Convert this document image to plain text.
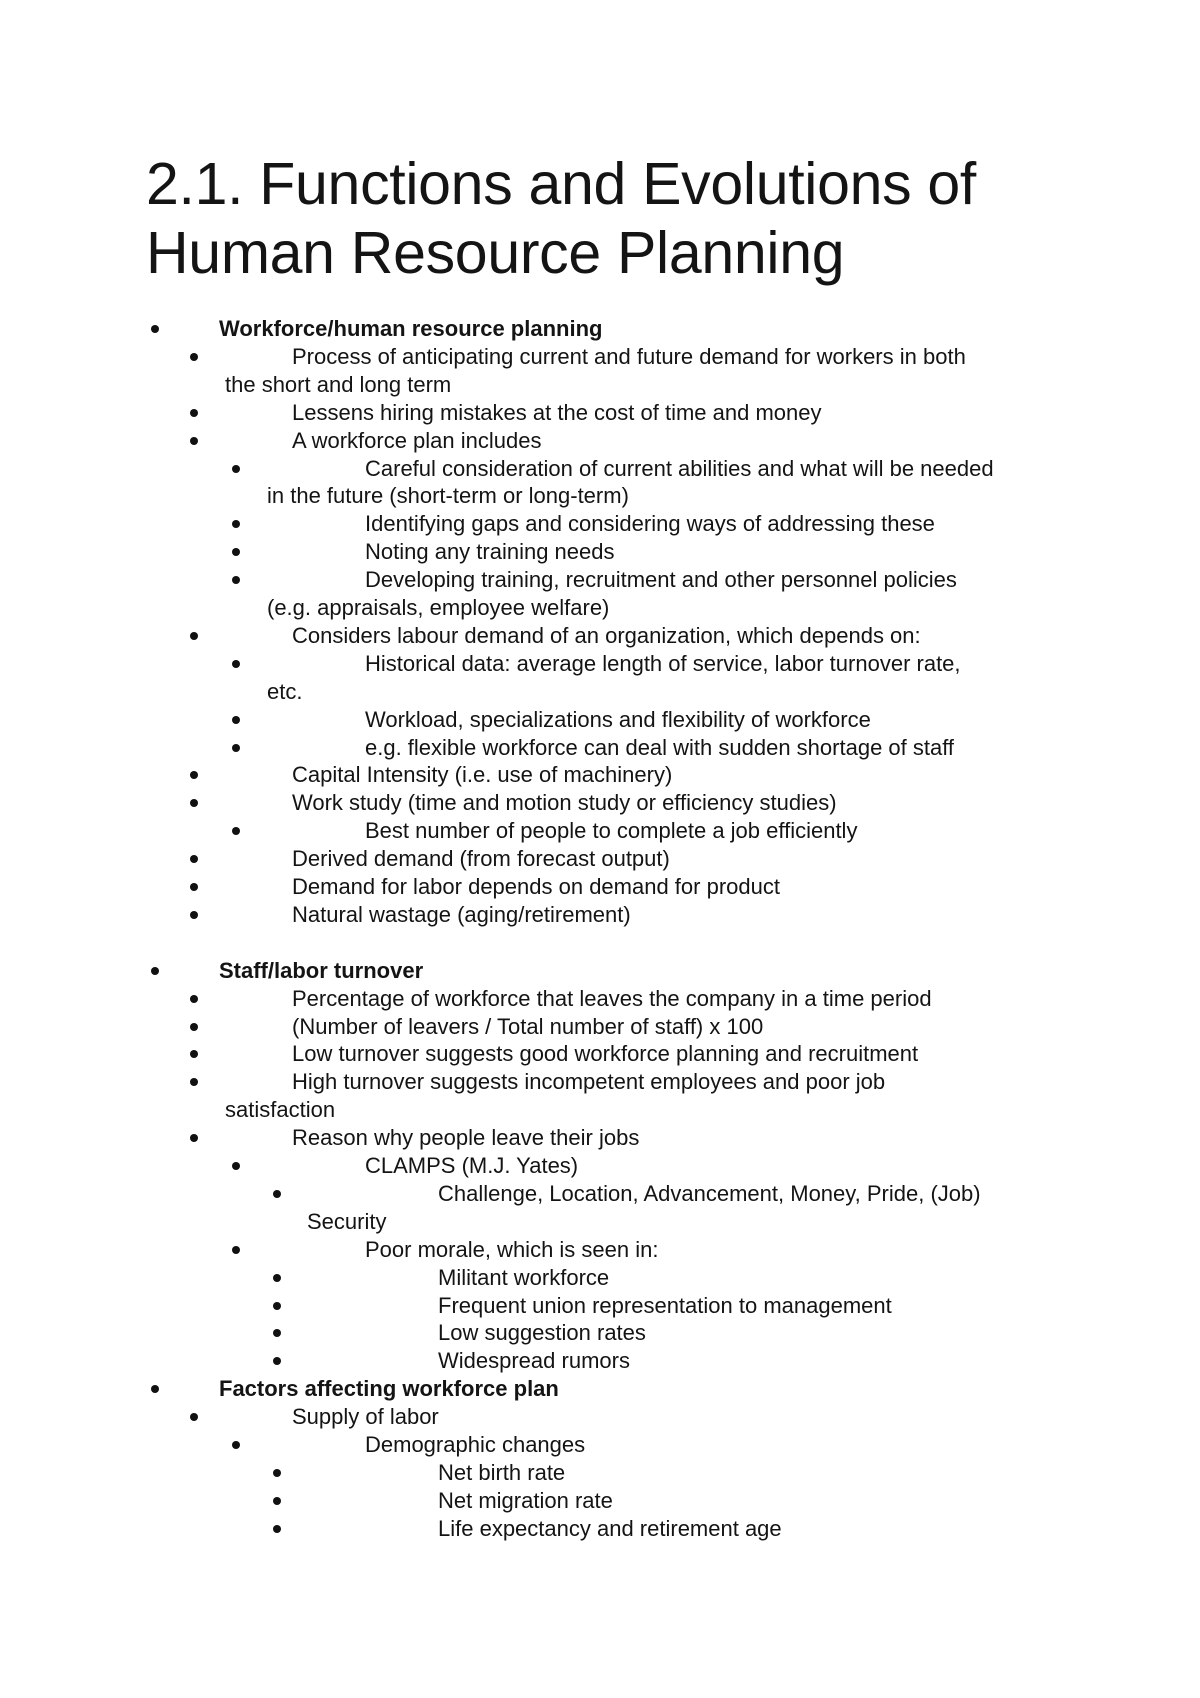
2.1. Functions and Evolutions of
Human Resource Planning
Workforce/human resource planning
Process of anticipating current and future demand for workers in both
the short and long term
Lessens hiring mistakes at the cost of time and money
A workforce plan includes
Careful consideration of current abilities and what will be needed
in the future (short-term or long-term)
Identifying gaps and considering ways of addressing these
Noting any training needs
Developing training, recruitment and other personnel policies
(e.g. appraisals, employee welfare)
Considers labour demand of an organization, which depends on:
Historical data: average length of service, labor turnover rate,
etc.
Workload, specializations and flexibility of workforce
e.g. flexible workforce can deal with sudden shortage of staff
Capital Intensity (i.e. use of machinery)
Work study (time and motion study or efficiency studies)
Best number of people to complete a job efficiently
Derived demand (from forecast output)
Demand for labor depends on demand for product
Natural wastage (aging/retirement)
Staff/labor turnover
Percentage of workforce that leaves the company in a time period
(Number of leavers / Total number of staff) x 100
Low turnover suggests good workforce planning and recruitment
High turnover suggests incompetent employees and poor job
satisfaction
Reason why people leave their jobs
CLAMPS (M.J. Yates)
Challenge, Location, Advancement, Money, Pride, (Job)
Security
Poor morale, which is seen in:
Militant workforce
Frequent union representation to management
Low suggestion rates
Widespread rumors
Factors affecting workforce plan
Supply of labor
Demographic changes
Net birth rate
Net migration rate
Life expectancy and retirement age
